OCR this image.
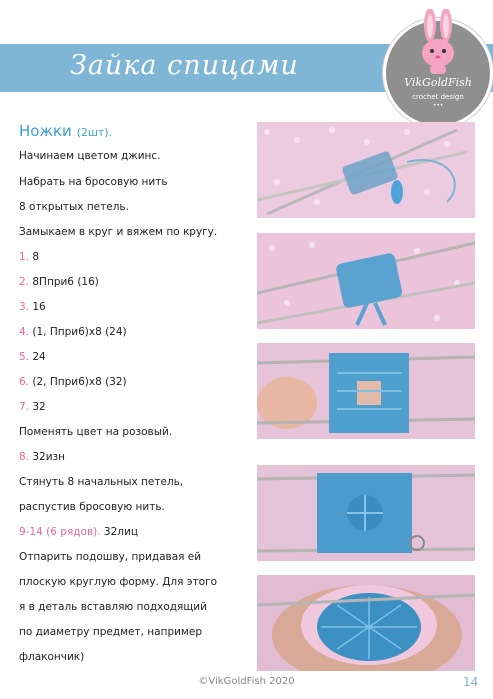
Зайка спицами
VikGoldFish
crochet design
•••
Ножки (2шт).
Начинаем цветом джинс.
Набрать на бросовую нить
8 открытых петель.
Замыкаем в круг и вяжем по кругу.
1. 8
2. 8Ппри6 (16)
3. 16
4. (1, Ппри6)х8 (24)
5. 24
6. (2, Ппри6)х8 (32)
7. 32
Поменять цвет на розовый.
8. 32изн
Стянуть 8 начальных петель,
распустив бросовую нить.
9-14 (6 рядов). 32лиц
Отпарить подошву, придавая ей
плоскую круглую форму. Для этого
я в деталь вставляю подходящий
по диаметру предмет, например
флакончик)
©VikGoldFish 2020	14
